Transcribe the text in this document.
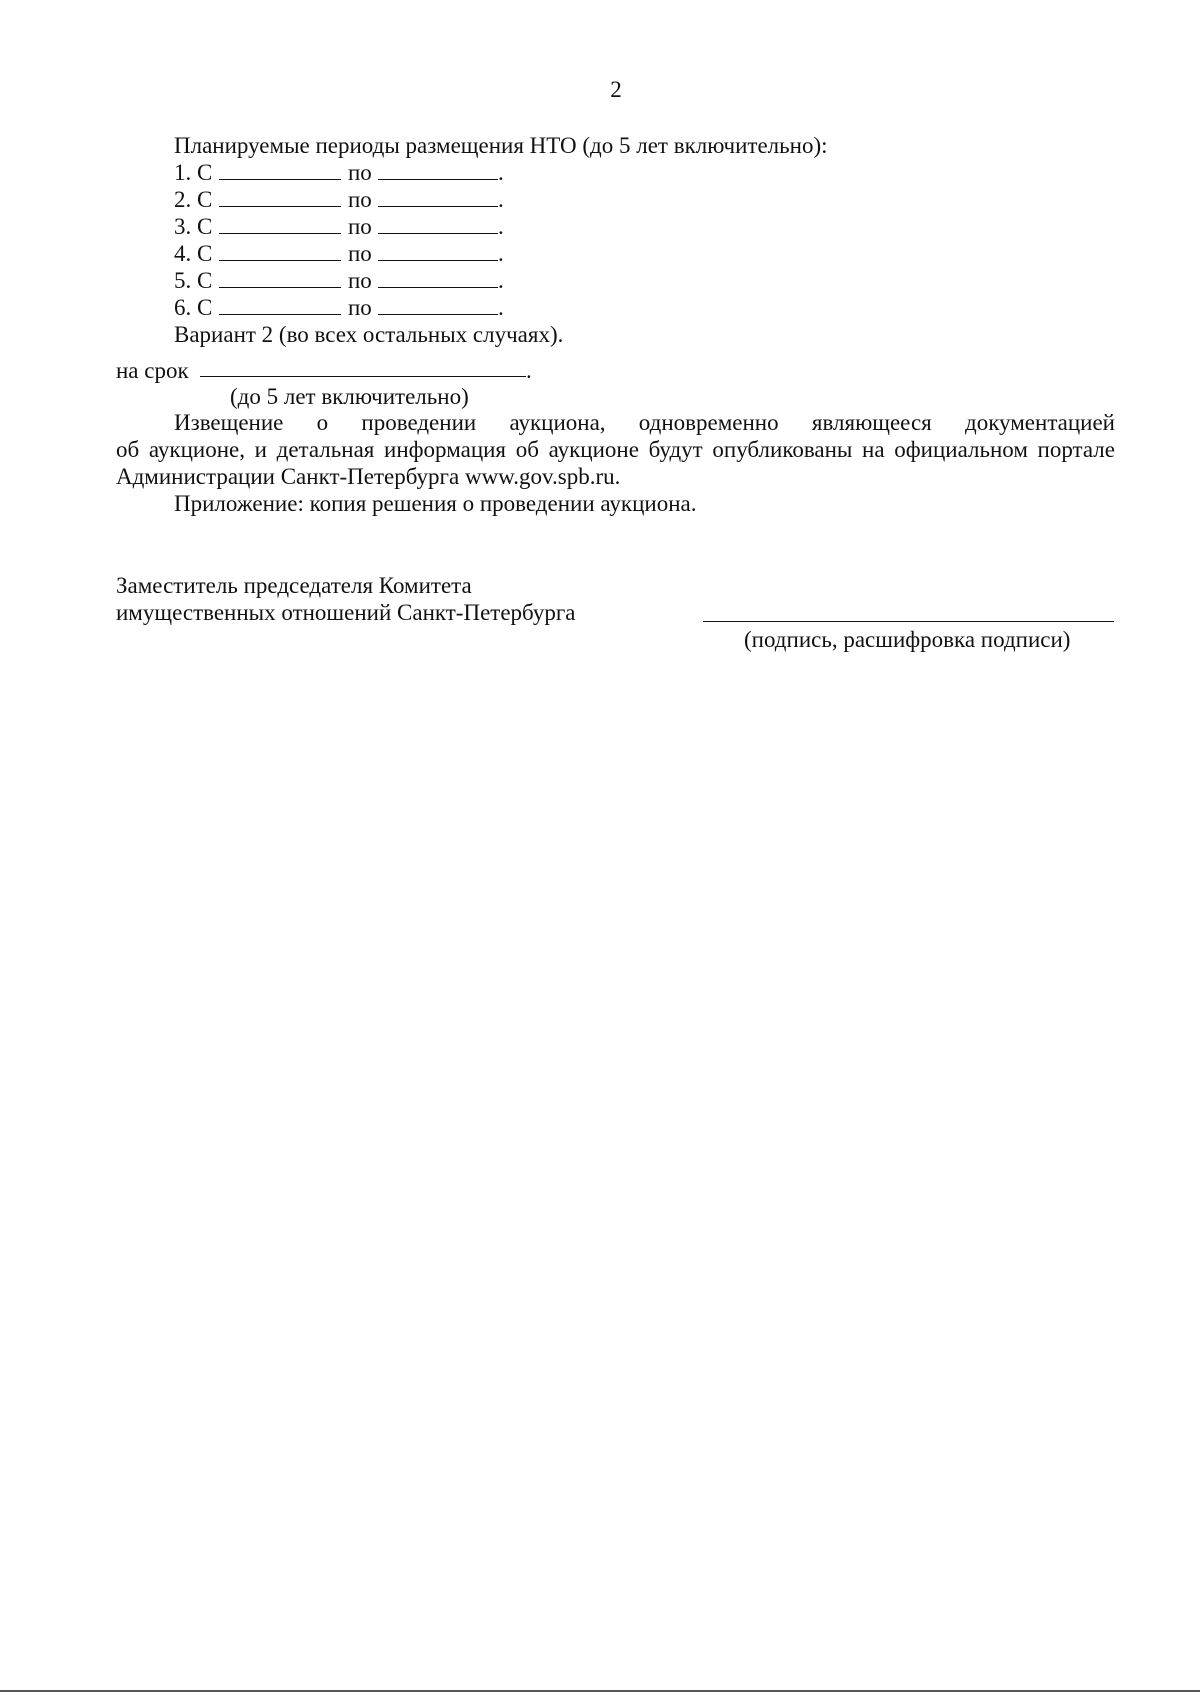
2
Планируемые периоды размещения НТО (до 5 лет включительно):
1. С	по	.
2. С	по	.
3. С	по	.
4. С	по	.
5. С	по	.
6. С	по	.
Вариант 2 (во всех остальных случаях).
на срок	.
(до 5 лет включительно)
Извещение о проведении аукциона, одновременно являющееся документацией
об аукционе, и детальная информация об аукционе будут опубликованы на официальном портале
Администрации Санкт-Петербурга www.gov.spb.ru.
Приложение: копия решения о проведении аукциона.
Заместитель председателя Комитета
имущественных отношений Санкт-Петербурга
(подпись, расшифровка подписи)
